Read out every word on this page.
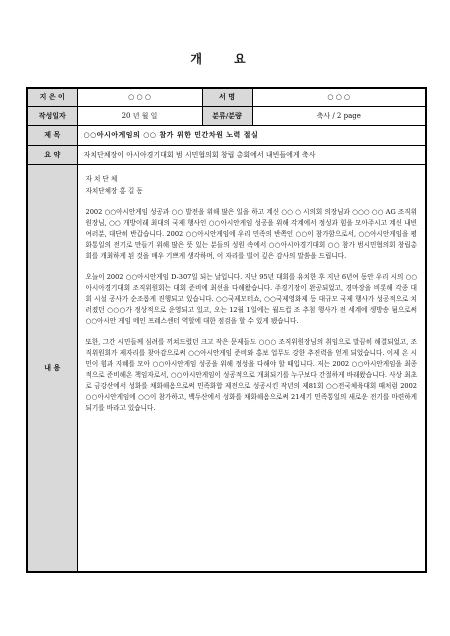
개 요
지 은 이	○ ○ ○	서 명	○ ○ ○
작성일자	20 년 월 일	분류/분량	축사 / 2 page
제 목	○○아시아게임의 ○○ 참가 위한 민간차원 노력 절실		
요 약	자치단체장이 아시아경기대회 범 시민협의회 창립 총회에서 내빈들에게 축사		
내 용	자 치 단 체

자치단체장 홍 길 동

2002 ○○아시안게임 성공과 ○○ 발전을 위해 많은 일을 하고 계신 ○○ ○ 시의회 의장님과 ○○○ ○○ AG 조직위원장님, ○○ 개방이래 최대의 국제 행사인 ○○아시안게임 성공을 위해 각계에서 정성과 힘을 모아주시고 계신 내빈 여러분, 대단히 반갑습니다. 2002 ○○아시안게임에 우리 민족의 반쪽인 ○○이 참가함으로서, ○○아시안게임을 평화통일의 전기로 만들기 위해 많은 뜻 있는 분들의 성원 속에서 ○○아시아경기대회 ○○ 참가 범시민협의회 창립총회를 개최하게 된 것을 매우 기쁘게 생각하며, 이 자리를 빌어 깊은 감사의 말씀을 드립니다.

오늘이 2002 ○○아시안게임 D-307일 되는 날입니다. 지난 95년 대회를 유치한 후 지난 6년여 동안 우리 시의 ○○아시아경기대회 조직위원회는 대회 준비에 최선을 다해왔습니다. 주경기장이 완공되었고, 경마장을 비롯해 각종 대회 시설 공사가 순조롭게 진행되고 있습니다. ○○국제모터쇼, ○○국제영화제 등 대규모 국제 행사가 성공적으로 치러졌던 ○○○가 정상적으로 운영되고 있고, 오는 12월 1일에는 월드컵 조 추첨 행사가 전 세계에 생방송 됨으로써 ○○아시안 게임 메인 프레스센터 역할에 대한 점검을 할 수 있게 됐습니다.

또한, 그간 시민들께 심려를 끼쳐드렸던 크고 작은 문제들도 ○○○ 조직위원장님의 취임으로 말끔히 해결되었고, 조직위원회가 제자리를 찾아감으로써 ○○아시안게임 준비와 홍보 업무도 강한 추진력을 얻게 되었습니다. 이제 온 시민이 힘과 지혜를 모아 ○○아시안게임 성공을 위해 정성을 다해야 할 때입니다. 저는 2002 ○○아시안게임을 최종적으로 준비해온 책임자로서, ○○아시안게임이 성공적으로 개최되기를 누구보다 간절하게 바래왔습니다. 사상 최초로 금강산에서 성화를 채화해옴으로써 민족화합 제전으로 성공시킨 작년의 제81회 ○○전국체육대회 때처럼 2002 ○○아시안게임에 ○○이 참가하고, 백두산에서 성화를 채화해옴으로써 21세기 민족통일의 새로운 전기를 마련하게 되기를 바라고 있습니다.		
